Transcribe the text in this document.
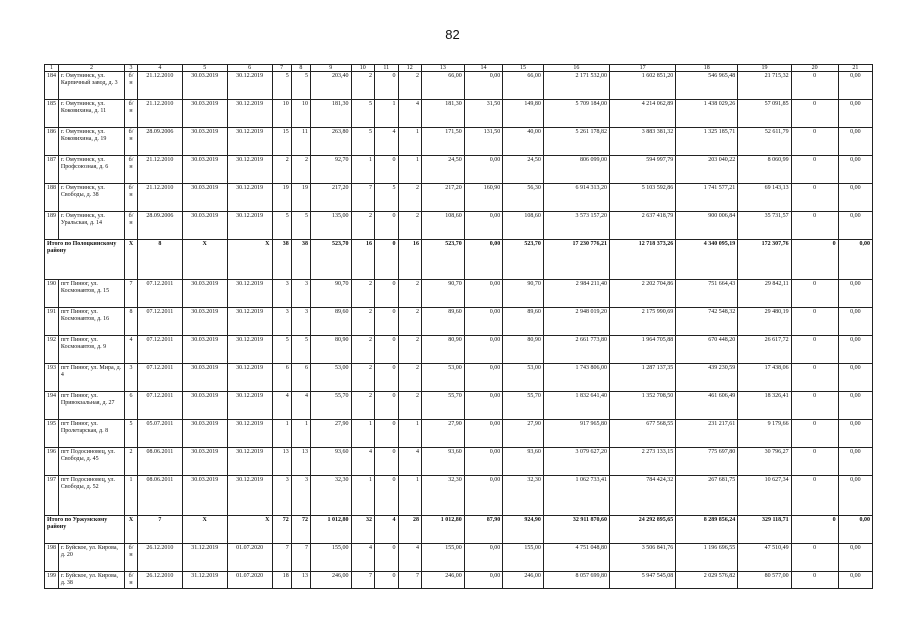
82
1	2	3	4	5	6	7	8	9	10	11	12	13	14	15	16	17	18	19	20	21
184	г. Омутнинск, ул. Карпичный завод, д. 3	б/н	21.12.2010	30.03.2019	30.12.2019	5	5	203,40	2	0	2	66,00	0,00	66,00	2 171 532,00	1 602 851,20	546 965,48	21 715,32	0	0,00
185	г. Омутнинск, ул. Коковихина, д. 11	б/н	21.12.2010	30.03.2019	30.12.2019	10	10	181,30	5	1	4	181,30	31,50	149,80	5 709 184,00	4 214 062,89	1 438 029,26	57 091,85	0	0,00
186	г. Омутнинск, ул. Коковихина, д. 19	б/н	28.09.2006	30.03.2019	30.12.2019	15	11	263,80	5	4	1	171,50	131,50	40,00	5 261 178,82	3 883 381,32	1 325 185,71	52 611,79	0	0,00
187	г. Омутнинск, ул. Профсоюзная, д. 6	б/н	21.12.2010	30.03.2019	30.12.2019	2	2	92,70	1	0	1	24,50	0,00	24,50	806 099,00	594 997,79	203 040,22	8 060,99	0	0,00
188	г. Омутнинск, ул. Свободы, д. 38	б/н	21.12.2010	30.03.2019	30.12.2019	19	19	217,20	7	5	2	217,20	160,90	56,30	6 914 313,20	5 103 592,86	1 741 577,21	69 143,13	0	0,00
189	г. Омутнинск, ул. Уральская, д. 14	б/н	28.09.2006	30.03.2019	30.12.2019	5	5	135,00	2	0	2	108,60	0,00	108,60	3 573 157,20	2 637 418,79	900 006,84	35 731,57	0	0,00
Итого по Полоцкинскому району		X	8	X	X	38	38	523,70	16	0	16	523,70	0,00	523,70	17 230 776,21	12 718 373,26	4 340 095,19	172 307,76	0	0,00
190	пгт Пинюг, ул. Космонавтов, д. 15	7	07.12.2011	30.03.2019	30.12.2019	3	3	90,70	2	0	2	90,70	0,00	90,70	2 984 211,40	2 202 704,86	751 664,43	29 842,11	0	0,00
191	пгт Пинюг, ул. Космонавтов, д. 16	8	07.12.2011	30.03.2019	30.12.2019	3	3	89,60	2	0	2	89,60	0,00	89,60	2 948 019,20	2 175 990,69	742 548,32	29 480,19	0	0,00
192	пгт Пинюг, ул. Космонавтов, д. 9	4	07.12.2011	30.03.2019	30.12.2019	5	5	80,90	2	0	2	80,90	0,00	80,90	2 661 773,80	1 964 705,88	670 448,20	26 617,72	0	0,00
193	пгт Пинюг, ул. Мира, д. 4	3	07.12.2011	30.03.2019	30.12.2019	6	6	53,00	2	0	2	53,00	0,00	53,00	1 743 806,00	1 287 137,35	439 230,59	17 438,06	0	0,00
194	пгт Пинюг, ул. Привокзальная, д. 27	6	07.12.2011	30.03.2019	30.12.2019	4	4	55,70	2	0	2	55,70	0,00	55,70	1 832 641,40	1 352 708,50	461 606,49	18 326,41	0	0,00
195	пгт Пинюг, ул. Пролетарская, д. 8	5	05.07.2011	30.03.2019	30.12.2019	1	1	27,90	1	0	1	27,90	0,00	27,90	917 965,80	677 568,55	231 217,61	9 179,66	0	0,00
196	пгт Подосиновец, ул. Свободы, д. 45	2	08.06.2011	30.03.2019	30.12.2019	13	13	93,60	4	0	4	93,60	0,00	93,60	3 079 627,20	2 273 133,15	775 697,80	30 796,27	0	0,00
197	пгт Подосиновец, ул. Свободы, д. 52	1	08.06.2011	30.03.2019	30.12.2019	3	3	32,30	1	0	1	32,30	0,00	32,30	1 062 733,41	784 424,32	267 681,75	10 627,34	0	0,00
Итого по Уржумскому району		X	7	X	X	72	72	1 012,80	32	4	28	1 012,80	87,90	924,90	32 911 870,60	24 292 895,65	8 289 856,24	329 118,71	0	0,00
198	г. Буйское, ул. Кирова, д. 20	б/н	26.12.2010	31.12.2019	01.07.2020	7	7	155,00	4	0	4	155,00	0,00	155,00	4 751 048,80	3 506 841,76	1 196 696,55	47 510,49	0	0,00
199	г. Буйское, ул. Кирова, д. 38	б/н	26.12.2010	31.12.2019	01.07.2020	18	13	246,00	7	0	7	246,00	0,00	246,00	8 057 699,80	5 947 545,08	2 029 576,82	80 577,00	0	0,00
